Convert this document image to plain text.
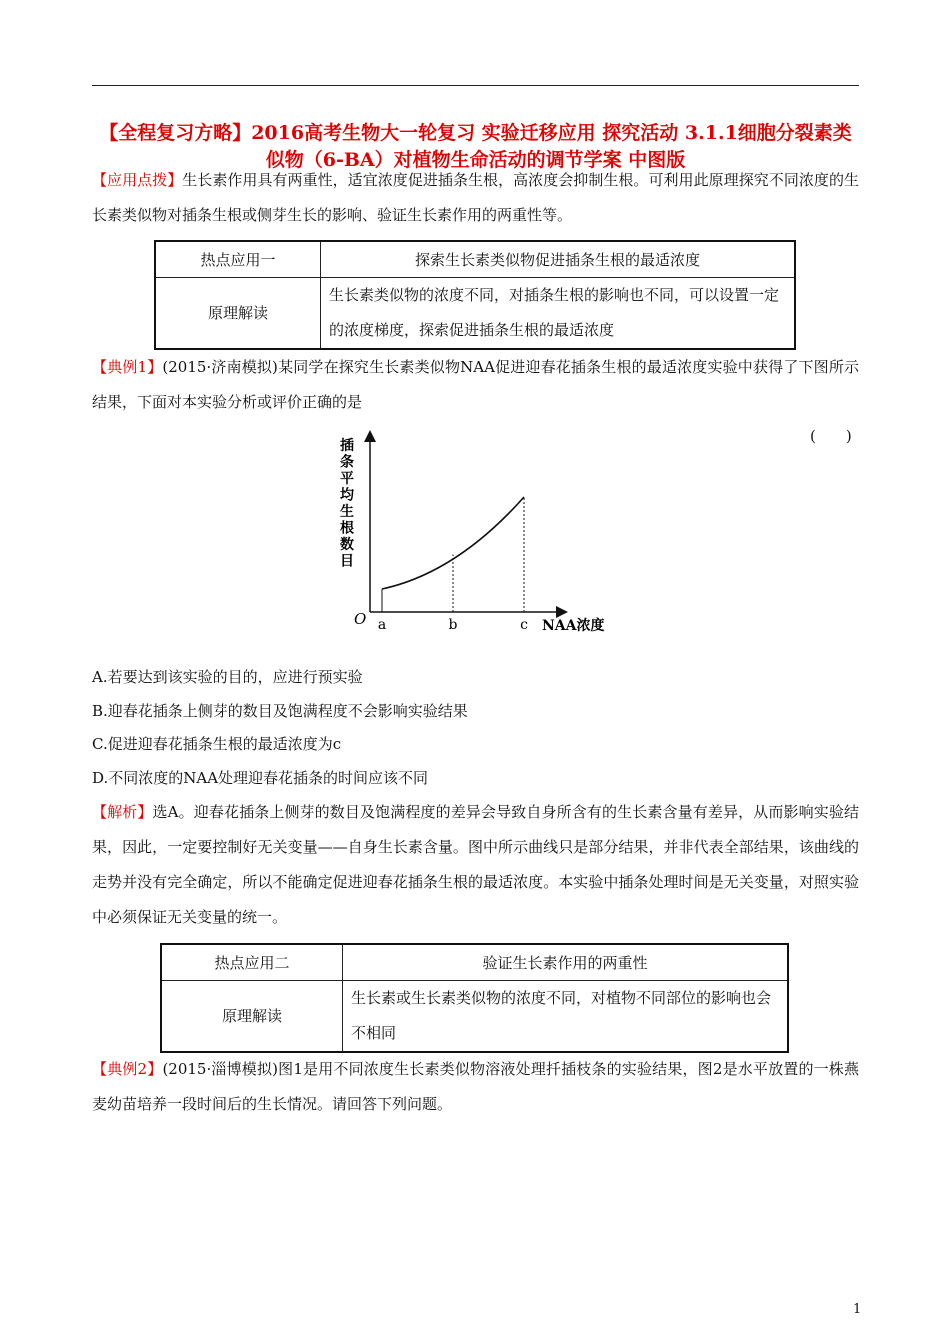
【全程复习方略】2016高考生物大一轮复习 实验迁移应用 探究活动 3.1.1细胞分裂素类似物（6-BA）对植物生命活动的调节学案 中图版
【应用点拨】生长素作用具有两重性，适宜浓度促进插条生根，高浓度会抑制生根。可利用此原理探究不同浓度的生长素类似物对插条生根或侧芽生长的影响、验证生长素作用的两重性等。
热点应用一	探索生长素类似物促进插条生根的最适浓度
原理解读	生长素类似物的浓度不同，对插条生根的影响也不同，可以设置一定的浓度梯度，探索促进插条生根的最适浓度
【典例1】(2015·济南模拟)某同学在探究生长素类似物NAA促进迎春花插条生根的最适浓度实验中获得了下图所示结果，下面对本实验分析或评价正确的是
(　　)
插条平均生根数目
O	NAA浓度
a	b	c
A.若要达到该实验的目的，应进行预实验
B.迎春花插条上侧芽的数目及饱满程度不会影响实验结果
C.促进迎春花插条生根的最适浓度为c
D.不同浓度的NAA处理迎春花插条的时间应该不同
【解析】选A。迎春花插条上侧芽的数目及饱满程度的差异会导致自身所含有的生长素含量有差异，从而影响实验结果，因此，一定要控制好无关变量——自身生长素含量。图中所示曲线只是部分结果，并非代表全部结果，该曲线的走势并没有完全确定，所以不能确定促进迎春花插条生根的最适浓度。本实验中插条处理时间是无关变量，对照实验中必须保证无关变量的统一。
热点应用二	验证生长素作用的两重性
原理解读	生长素或生长素类似物的浓度不同，对植物不同部位的影响也会不相同
【典例2】(2015·淄博模拟)图1是用不同浓度生长素类似物溶液处理扦插枝条的实验结果，图2是水平放置的一株燕麦幼苗培养一段时间后的生长情况。请回答下列问题。
1
